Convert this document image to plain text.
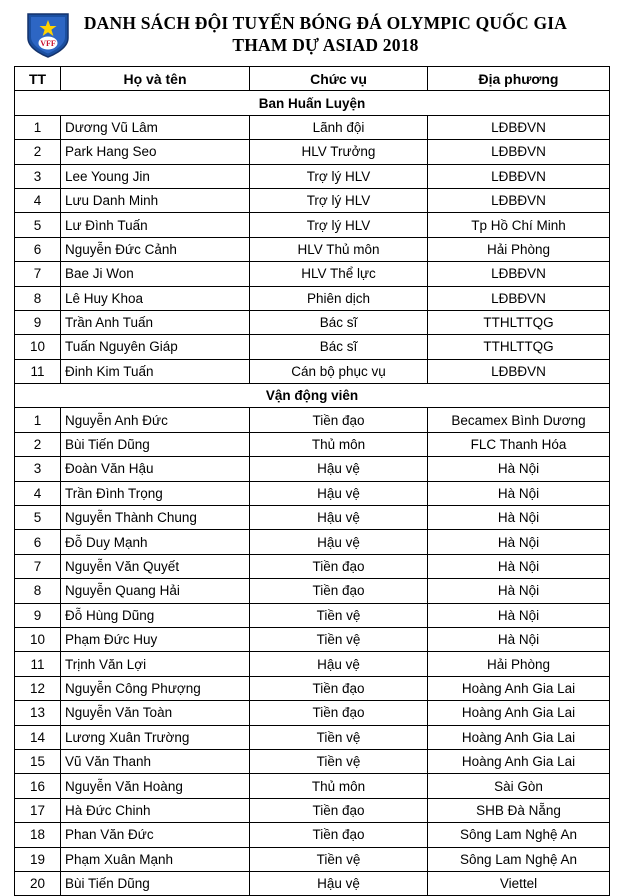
VFF
DANH SÁCH ĐỘI TUYỂN BÓNG ĐÁ OLYMPIC QUỐC GIA
THAM DỰ ASIAD 2018
TT	Họ và tên	Chức vụ	Địa phương
Ban Huấn Luyện			
1	Dương Vũ Lâm	Lãnh đội	LĐBĐVN
2	Park Hang Seo	HLV Trưởng	LĐBĐVN
3	Lee Young Jin	Trợ lý HLV	LĐBĐVN
4	Lưu Danh Minh	Trợ lý HLV	LĐBĐVN
5	Lư Đình Tuấn	Trợ lý HLV	Tp Hồ Chí Minh
6	Nguyễn Đức Cảnh	HLV Thủ môn	Hải Phòng
7	Bae Ji Won	HLV Thể lực	LĐBĐVN
8	Lê Huy Khoa	Phiên dịch	LĐBĐVN
9	Trần Anh Tuấn	Bác sĩ	TTHLTTQG
10	Tuấn Nguyên Giáp	Bác sĩ	TTHLTTQG
11	Đinh Kim Tuấn	Cán bộ phục vụ	LĐBĐVN
Vận động viên			
1	Nguyễn Anh Đức	Tiền đạo	Becamex Bình Dương
2	Bùi Tiến Dũng	Thủ môn	FLC Thanh Hóa
3	Đoàn Văn Hậu	Hậu vệ	Hà Nội
4	Trần Đình Trọng	Hậu vệ	Hà Nội
5	Nguyễn Thành Chung	Hậu vệ	Hà Nội
6	Đỗ Duy Mạnh	Hậu vệ	Hà Nội
7	Nguyễn Văn Quyết	Tiền đạo	Hà Nội
8	Nguyễn Quang Hải	Tiền đạo	Hà Nội
9	Đỗ Hùng Dũng	Tiền vệ	Hà Nội
10	Phạm Đức Huy	Tiền vệ	Hà Nội
11	Trịnh Văn Lợi	Hậu vệ	Hải Phòng
12	Nguyễn Công Phượng	Tiền đạo	Hoàng Anh Gia Lai
13	Nguyễn Văn Toàn	Tiền đạo	Hoàng Anh Gia Lai
14	Lương Xuân Trường	Tiền vệ	Hoàng Anh Gia Lai
15	Vũ Văn Thanh	Tiền vệ	Hoàng Anh Gia Lai
16	Nguyễn Văn Hoàng	Thủ môn	Sài Gòn
17	Hà Đức Chinh	Tiền đạo	SHB Đà Nẵng
18	Phan Văn Đức	Tiền đạo	Sông Lam Nghệ An
19	Phạm Xuân Mạnh	Tiền vệ	Sông Lam Nghệ An
20	Bùi Tiến Dũng	Hậu vệ	Viettel
